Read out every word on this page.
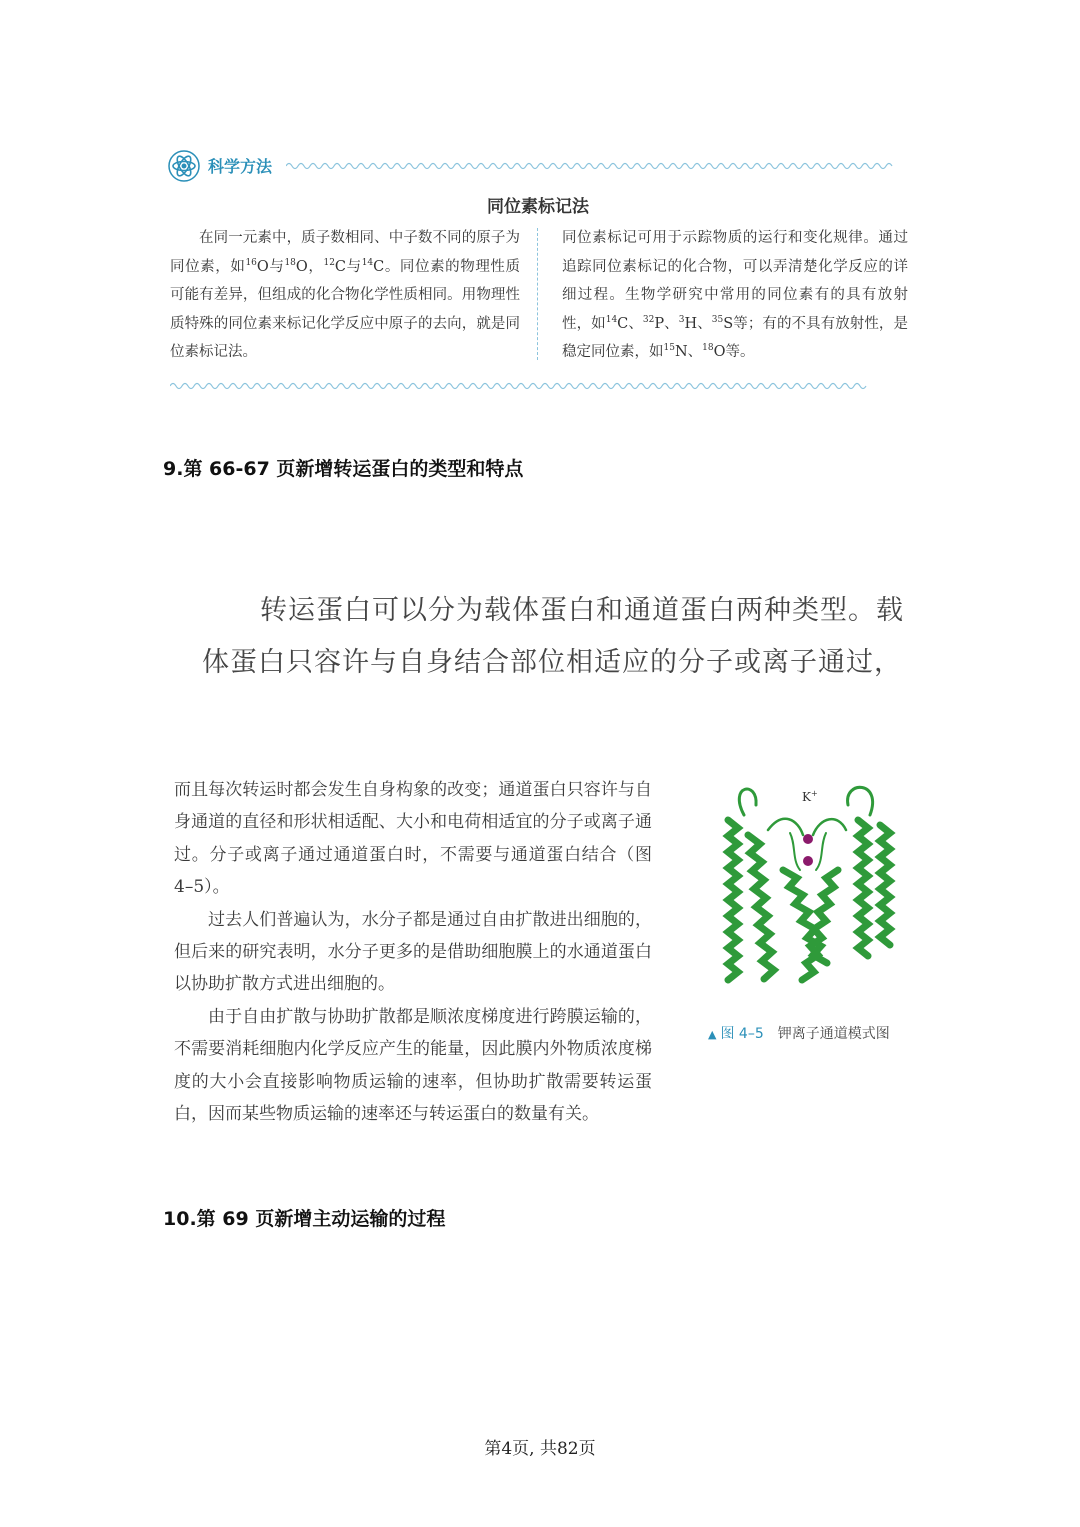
科学方法
同位素标记法

在同一元素中，质子数相同、中子数不同的原子为同位素，如$^{16}$O与$^{18}$O，$^{12}$C与$^{14}$C。同位素的物理性质可能有差异，但组成的化合物化学性质相同。用物理性质特殊的同位素来标记化学反应中原子的去向，就是同位素标记法。

同位素标记可用于示踪物质的运行和变化规律。通过追踪同位素标记的化合物，可以弄清楚化学反应的详细过程。生物学研究中常用的同位素有的具有放射性，如$^{14}$C、$^{32}$P、$^3$H、$^{35}$S等；有的不具有放射性，是稳定同位素，如$^{15}$N、$^{18}$O等。

9.第 66-67 页新增转运蛋白的类型和特点
转运蛋白可以分为载体蛋白和通道蛋白两种类型。载
体蛋白只容许与自身结合部位相适应的分子或离子通过，

而且每次转运时都会发生自身构象的改变；通道蛋白只容许与自身通道的直径和形状相适配、大小和电荷相适宜的分子或离子通过。分子或离子通过通道蛋白时，不需要与通道蛋白结合（图4–5）。

过去人们普遍认为，水分子都是通过自由扩散进出细胞的，但后来的研究表明，水分子更多的是借助细胞膜上的水通道蛋白以协助扩散方式进出细胞的。

由于自由扩散与协助扩散都是顺浓度梯度进行跨膜运输的，不需要消耗细胞内化学反应产生的能量，因此膜内外物质浓度梯度的大小会直接影响物质运输的速率，但协助扩散需要转运蛋白，因而某些物质运输的速率还与转运蛋白的数量有关。

K+
▲ 图 4–5 钾离子通道模式图
10.第 69 页新增主动运输的过程
第4页, 共82页
